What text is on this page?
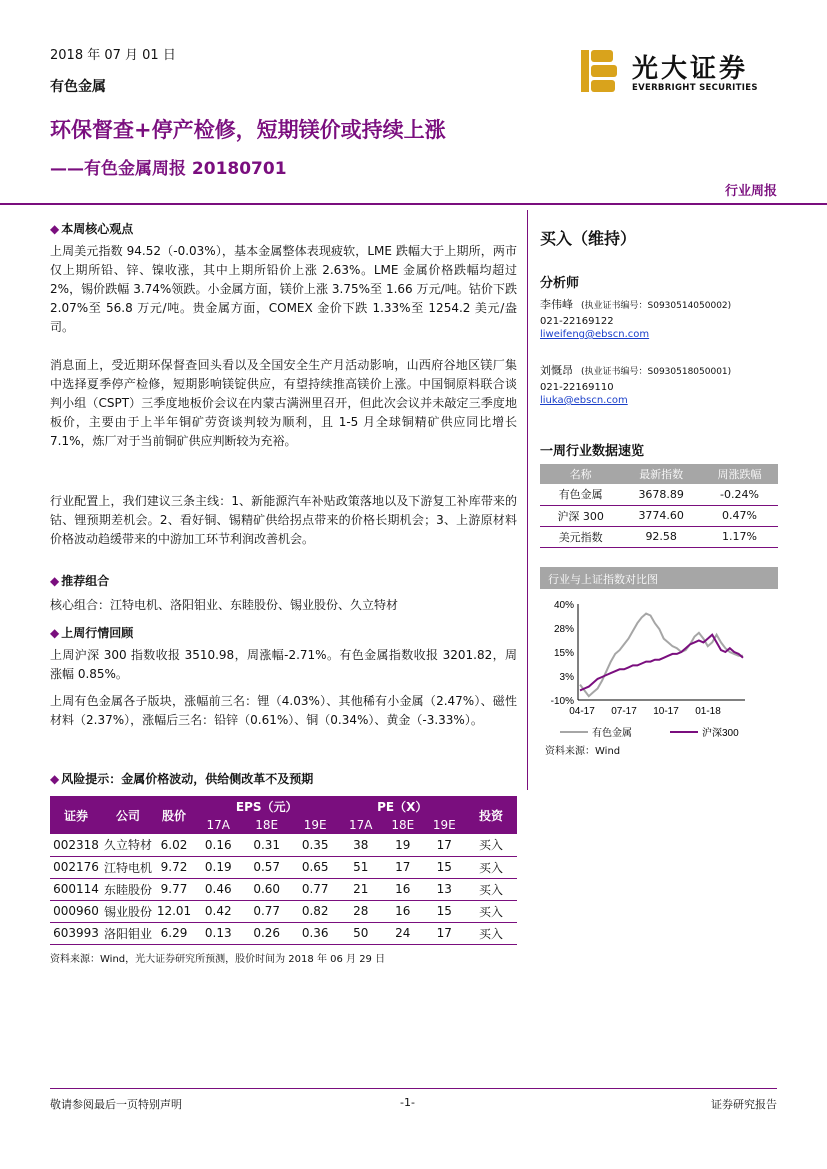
2018 年 07 月 01 日
有色金属
光大证券
EVERBRIGHT SECURITIES
环保督查+停产检修，短期镁价或持续上涨
——有色金属周报 20180701
行业周报
◆ 本周核心观点
上周美元指数 94.52（-0.03%），基本金属整体表现疲软，LME 跌幅大于上期所，两市仅上期所铅、锌、镍收涨，其中上期所铅价上涨 2.63%。LME 金属价格跌幅均超过 2%，锡价跌幅 3.74%领跌。小金属方面，镁价上涨 3.75%至 1.66 万元/吨。钴价下跌 2.07%至 56.8 万元/吨。贵金属方面，COMEX 金价下跌 1.33%至 1254.2 美元/盎司。
消息面上，受近期环保督查回头看以及全国安全生产月活动影响，山西府谷地区镁厂集中选择夏季停产检修，短期影响镁锭供应，有望持续推高镁价上涨。中国铜原料联合谈判小组（CSPT）三季度地板价会议在内蒙古满洲里召开，但此次会议并未敲定三季度地板价，主要由于上半年铜矿劳资谈判较为顺利，且 1-5 月全球铜精矿供应同比增长 7.1%，炼厂对于当前铜矿供应判断较为充裕。
行业配置上，我们建议三条主线：1、新能源汽车补贴政策落地以及下游复工补库带来的钴、锂预期差机会。2、看好铜、锡精矿供给拐点带来的价格长期机会；3、上游原材料价格波动趋缓带来的中游加工环节利润改善机会。
◆ 推荐组合
核心组合：江特电机、洛阳钼业、东睦股份、锡业股份、久立特材
◆ 上周行情回顾
上周沪深 300 指数收报 3510.98，周涨幅-2.71%。有色金属指数收报 3201.82，周涨幅 0.85%。
上周有色金属各子版块，涨幅前三名：锂（4.03%）、其他稀有小金属（2.47%）、磁性材料（2.37%），涨幅后三名：铅锌（0.61%）、铜（0.34%）、黄金（-3.33%）。
◆ 风险提示：金属价格波动，供给侧改革不及预期
证券	公司	股价	EPS（元）			PE（X）			投资
			17A	18E	19E	17A	18E	19E	
002318	久立特材	6.02	0.16	0.31	0.35	38	19	17	买入
002176	江特电机	9.72	0.19	0.57	0.65	51	17	15	买入
600114	东睦股份	9.77	0.46	0.60	0.77	21	16	13	买入
000960	锡业股份	12.01	0.42	0.77	0.82	28	16	15	买入
603993	洛阳钼业	6.29	0.13	0.26	0.36	50	24	17	买入
资料来源：Wind，光大证券研究所预测，股价时间为 2018 年 06 月 29 日
买入（维持）
分析师
李伟峰 (执业证书编号：S0930514050002)
021-22169122
liweifeng@ebscn.com
刘慨昂 (执业证书编号：S0930518050001)
021-22169110
liuka@ebscn.com
一周行业数据速览
名称	最新指数	周涨跌幅
有色金属	3678.89	-0.24%
沪深 300	3774.60	0.47%
美元指数	92.58	1.17%
行业与上证指数对比图
40%
28%
15%
3%
-10%
04-17 07-17 10-17 01-18
有色金属	沪深300
资料来源：Wind
敬请参阅最后一页特别声明	-1-	证券研究报告
